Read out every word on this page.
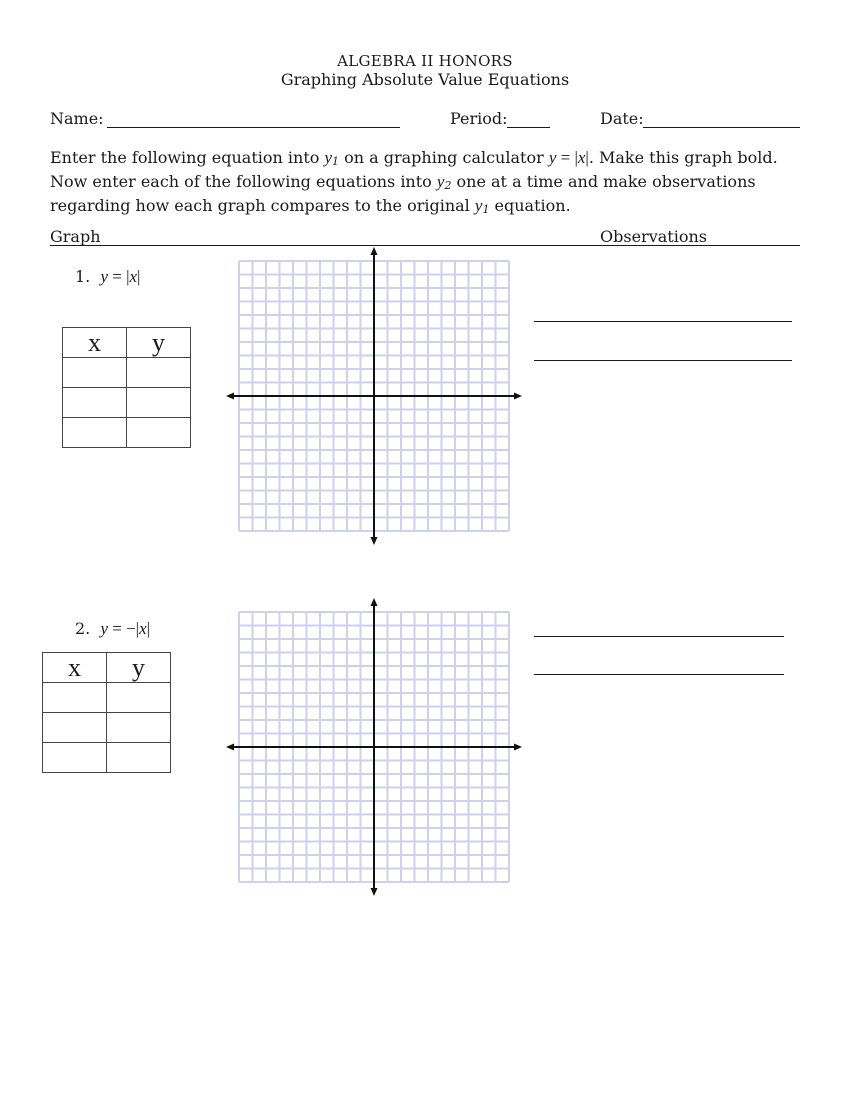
ALGEBRA II HONORS
Graphing Absolute Value Equations
Name:	Period:	Date:
Enter the following equation into y1 on a graphing calculator y = |x|. Make this graph bold.
Now enter each of the following equations into y2 one at a time and make observations
regarding how each graph compares to the original y1 equation.
Graph	Observations
1. y = |x|
x	y

2. y = −|x|
x	y
